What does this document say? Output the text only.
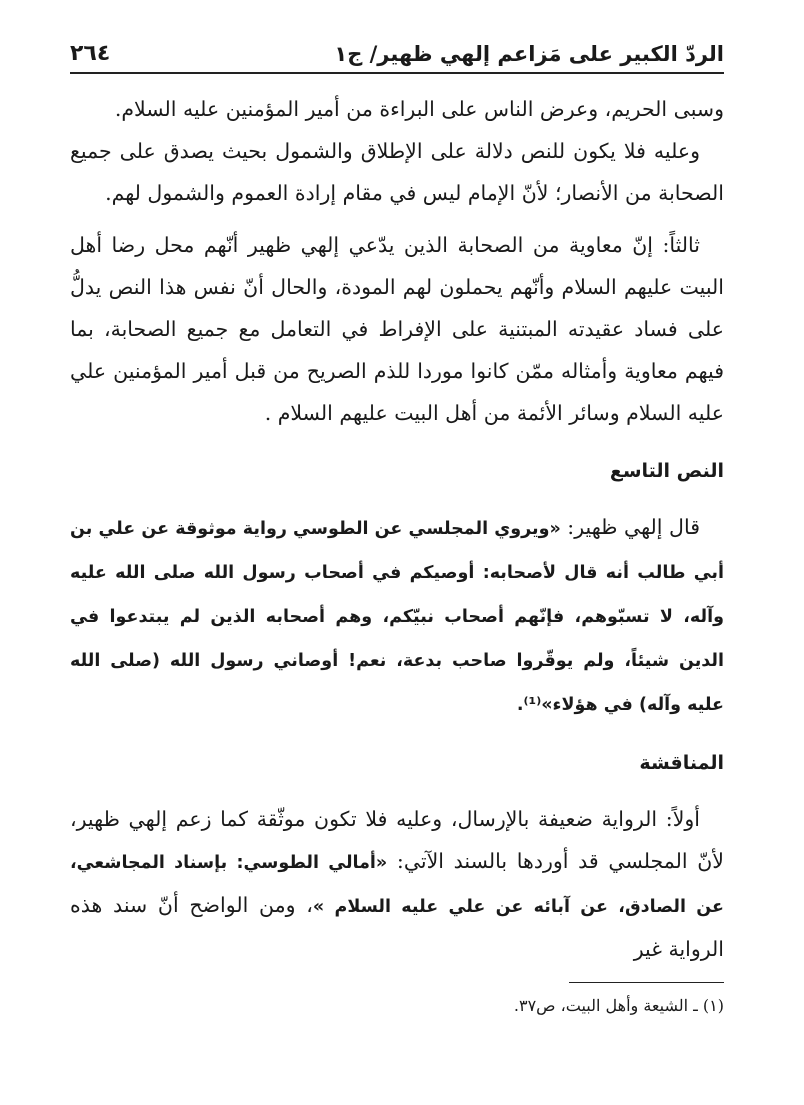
الردّ الكبير على مَزاعم إلهي ظهير/ ج١
٢٦٤

وسبى الحريم، وعرض الناس على البراءة من أمير المؤمنين عليه السلام.

وعليه فلا يكون للنص دلالة على الإطلاق والشمول بحيث يصدق على جميع الصحابة من الأنصار؛ لأنّ الإمام ليس في مقام إرادة العموم والشمول لهم.

ثالثاً: إنّ معاوية من الصحابة الذين يدّعي إلهي ظهير أنّهم محل رضا أهل البيت عليهم السلام وأنّهم يحملون لهم المودة، والحال أنّ نفس هذا النص يدلُّ على فساد عقيدته المبتنية على الإفراط في التعامل مع جميع الصحابة، بما فيهم معاوية وأمثاله ممّن كانوا موردا للذم الصريح من قبل أمير المؤمنين علي عليه السلام وسائر الأئمة من أهل البيت عليهم السلام .

النص التاسع

قال إلهي ظهير: «ويروي المجلسي عن الطوسي رواية موثوقة عن علي بن أبي طالب أنه قال لأصحابه: أوصيكم في أصحاب رسول الله صلى الله عليه وآله، لا تسبّوهم، فإنّهم أصحاب نبيّكم، وهم أصحابه الذين لم يبتدعوا في الدين شيئاً، ولم يوقّروا صاحب بدعة، نعم! أوصاني رسول الله (صلى الله عليه وآله) في هؤلاء»⁽¹⁾.

المناقشة

أولاً: الرواية ضعيفة بالإرسال، وعليه فلا تكون موثّقة كما زعم إلهي ظهير، لأنّ المجلسي قد أوردها بالسند الآتي: «أمالي الطوسي: بإسناد المجاشعي، عن الصادق، عن آبائه عن علي عليه السلام »، ومن الواضح أنّ سند هذه الرواية غير

(١) ـ الشيعة وأهل البيت، ص٣٧.
